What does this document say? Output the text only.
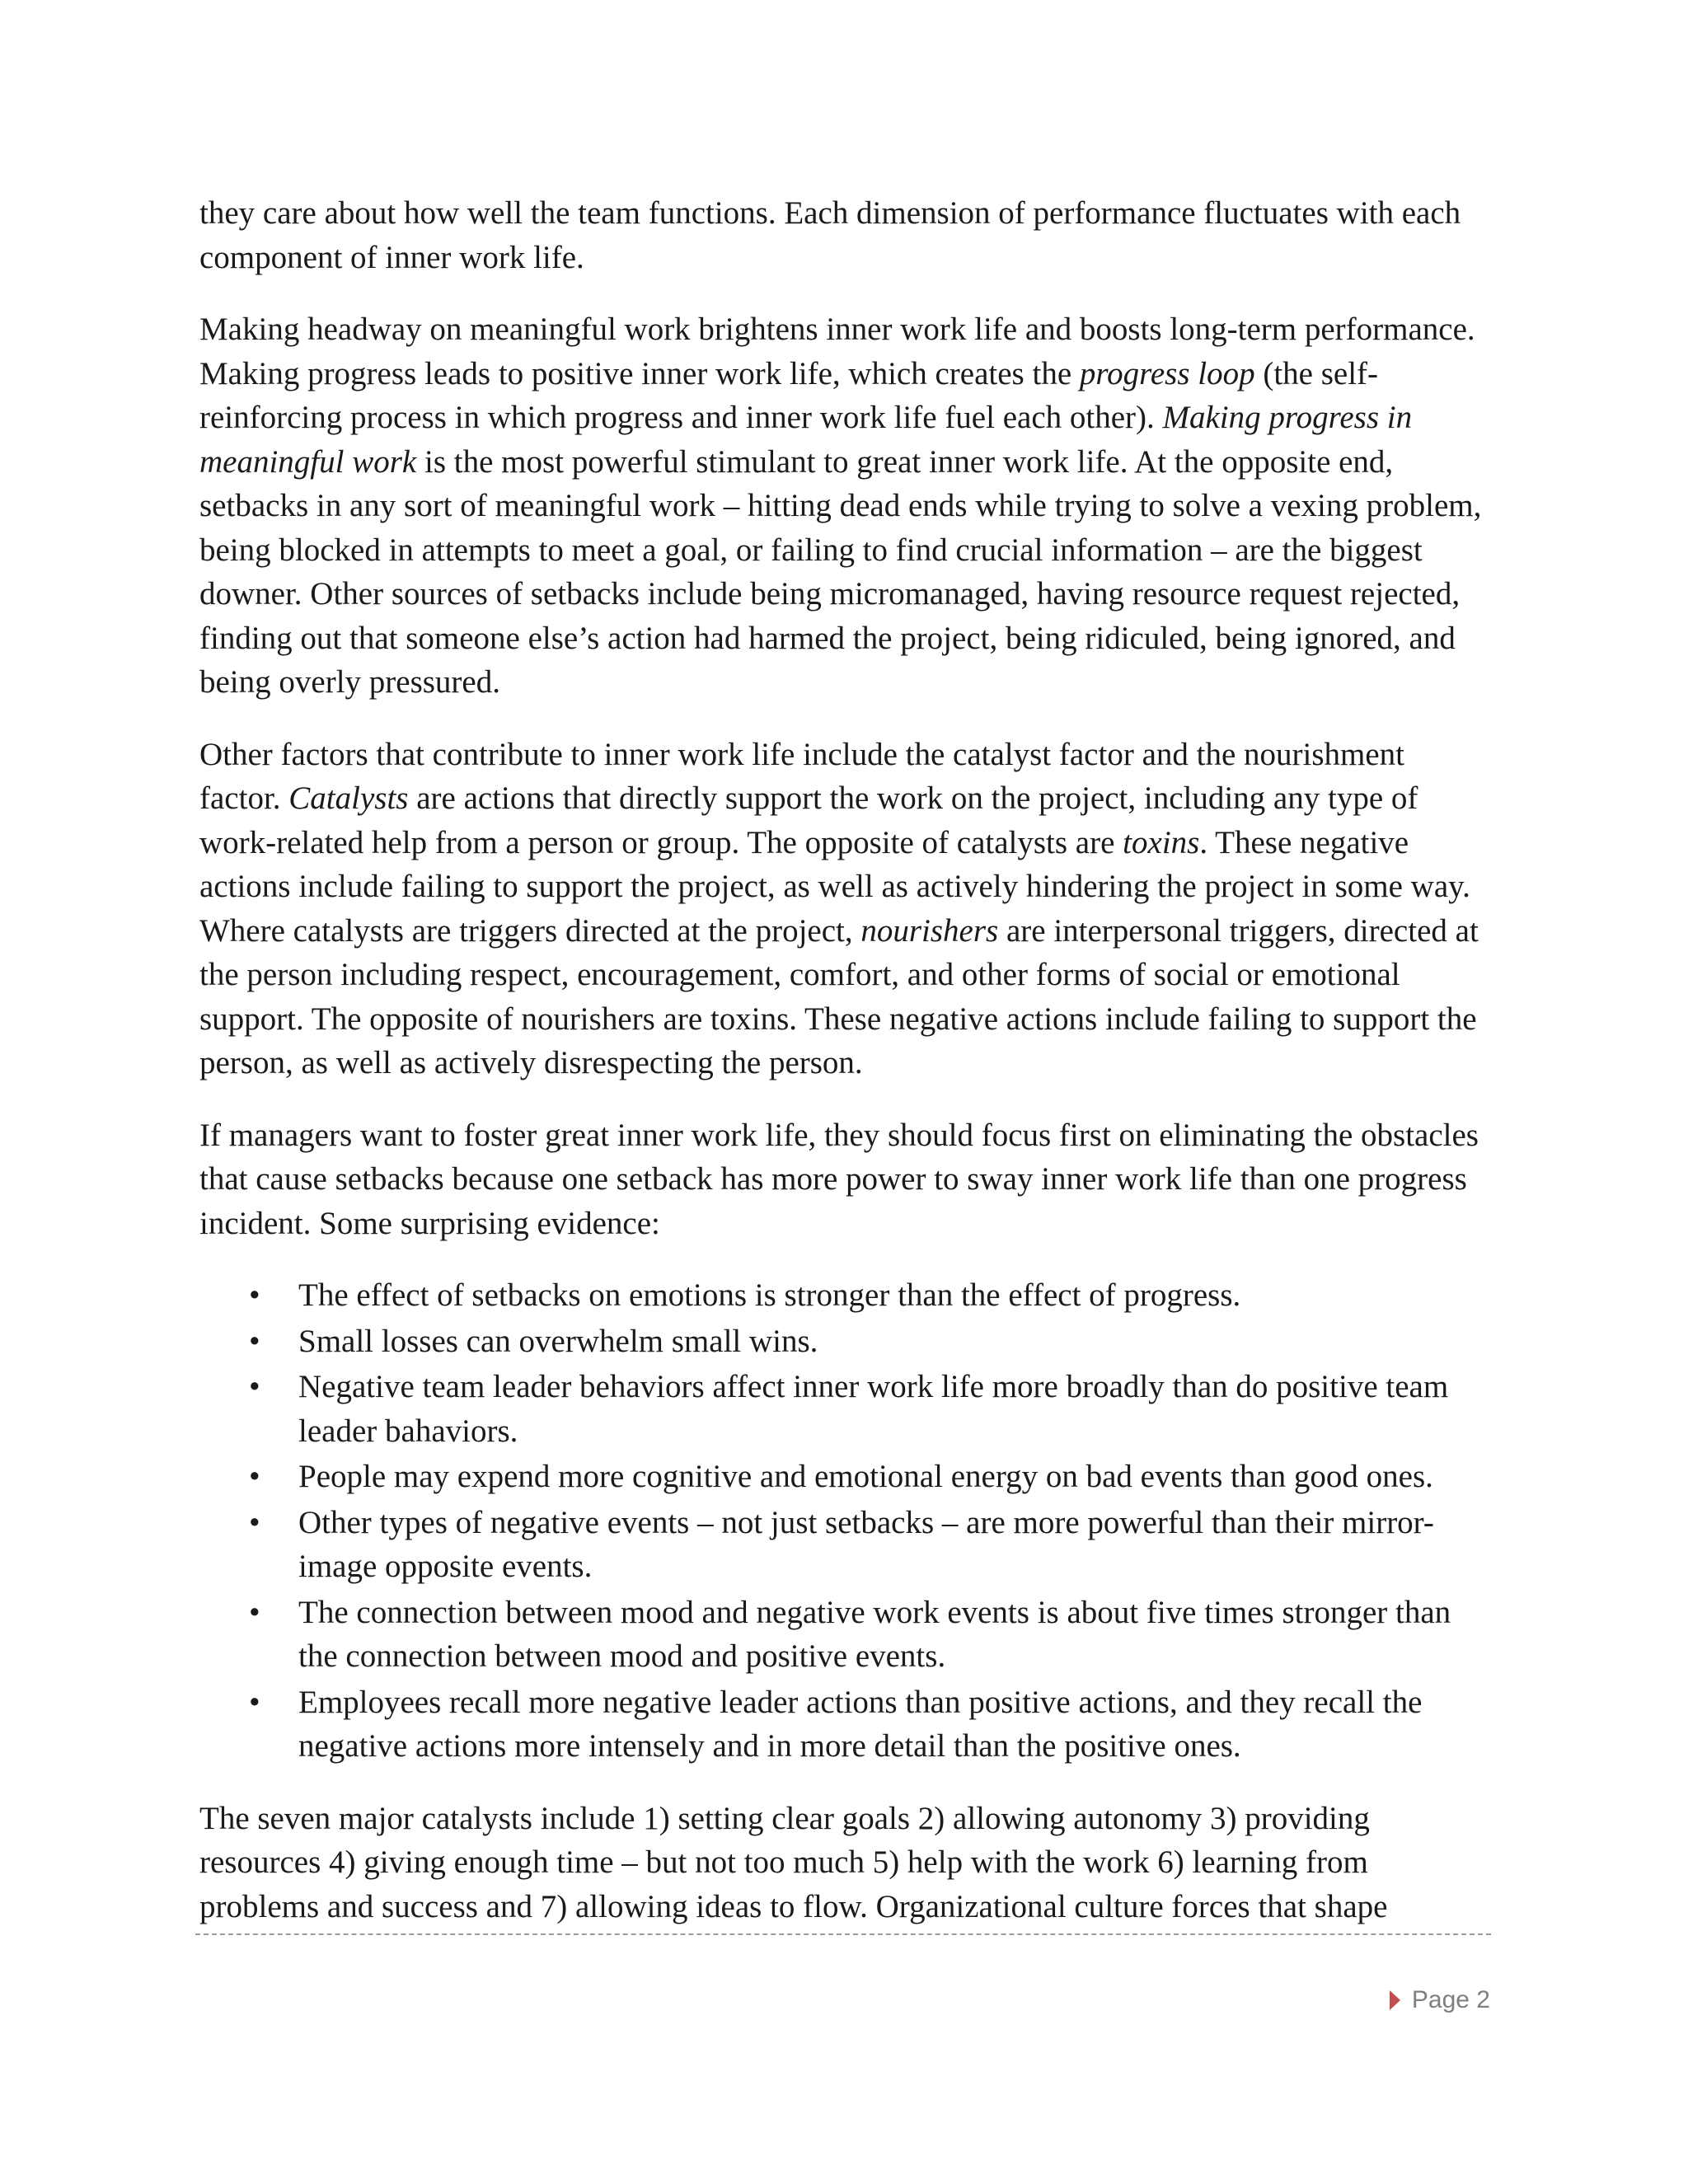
they care about how well the team functions. Each dimension of performance fluctuates with each component of inner work life.

Making headway on meaningful work brightens inner work life and boosts long-term performance. Making progress leads to positive inner work life, which creates the progress loop (the self-reinforcing process in which progress and inner work life fuel each other). Making progress in meaningful work is the most powerful stimulant to great inner work life. At the opposite end, setbacks in any sort of meaningful work – hitting dead ends while trying to solve a vexing problem, being blocked in attempts to meet a goal, or failing to find crucial information – are the biggest downer. Other sources of setbacks include being micromanaged, having resource request rejected, finding out that someone else’s action had harmed the project, being ridiculed, being ignored, and being overly pressured.

Other factors that contribute to inner work life include the catalyst factor and the nourishment factor. Catalysts are actions that directly support the work on the project, including any type of work-related help from a person or group. The opposite of catalysts are toxins. These negative actions include failing to support the project, as well as actively hindering the project in some way. Where catalysts are triggers directed at the project, nourishers are interpersonal triggers, directed at the person including respect, encouragement, comfort, and other forms of social or emotional support. The opposite of nourishers are toxins. These negative actions include failing to support the person, as well as actively disrespecting the person.

If managers want to foster great inner work life, they should focus first on eliminating the obstacles that cause setbacks because one setback has more power to sway inner work life than one progress incident. Some surprising evidence:

• The effect of setbacks on emotions is stronger than the effect of progress.
• Small losses can overwhelm small wins.
• Negative team leader behaviors affect inner work life more broadly than do positive team leader bahaviors.
• People may expend more cognitive and emotional energy on bad events than good ones.
• Other types of negative events – not just setbacks – are more powerful than their mirror-image opposite events.
• The connection between mood and negative work events is about five times stronger than the connection between mood and positive events.
• Employees recall more negative leader actions than positive actions, and they recall the negative actions more intensely and in more detail than the positive ones.

The seven major catalysts include 1) setting clear goals 2) allowing autonomy 3) providing resources 4) giving enough time – but not too much 5) help with the work 6) learning from problems and success and 7) allowing ideas to flow. Organizational culture forces that shape

Page 2
